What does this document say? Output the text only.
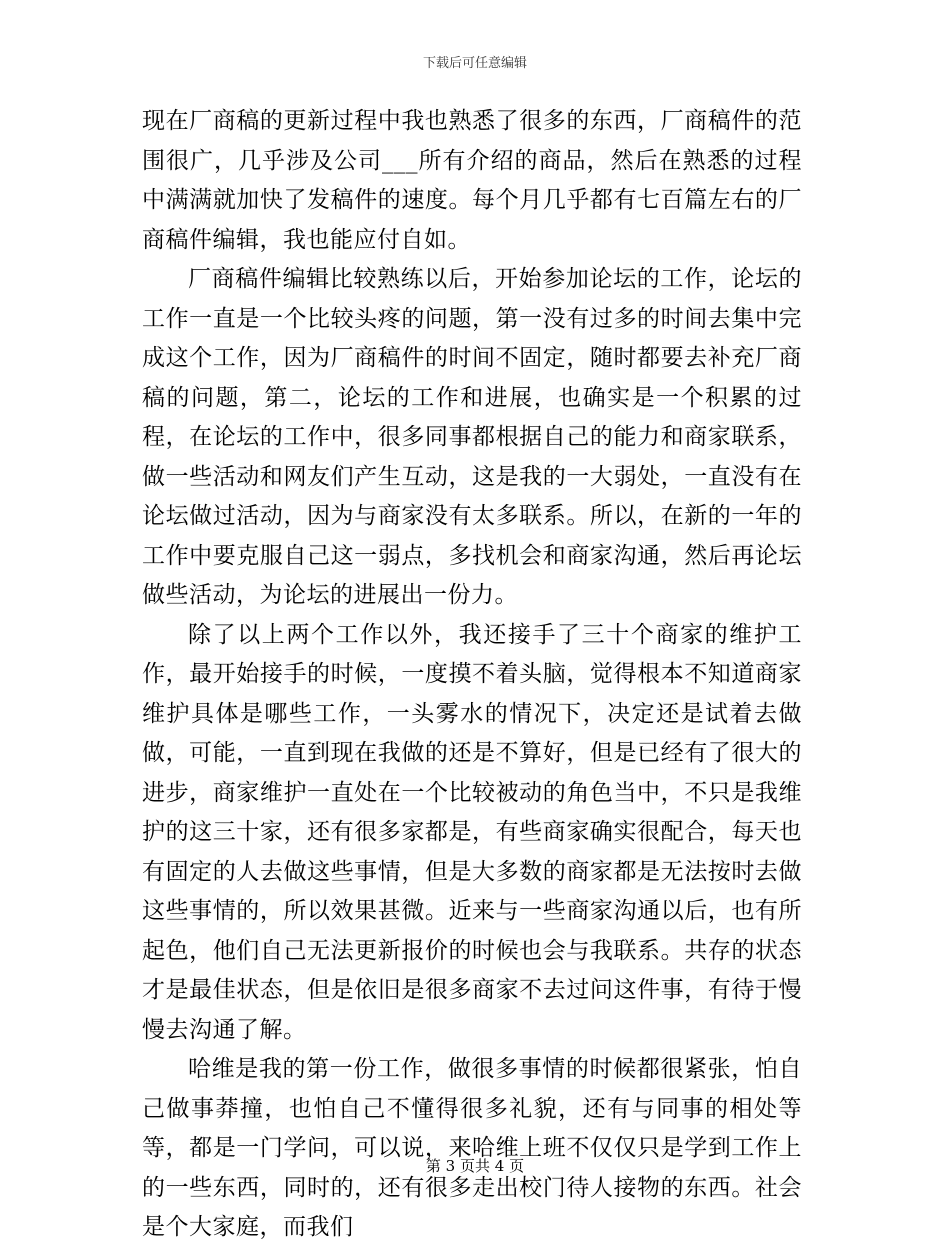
下载后可任意编辑

现在厂商稿的更新过程中我也熟悉了很多的东西，厂商稿件的范围很广，几乎涉及公司___所有介绍的商品，然后在熟悉的过程中满满就加快了发稿件的速度。每个月几乎都有七百篇左右的厂商稿件编辑，我也能应付自如。

厂商稿件编辑比较熟练以后，开始参加论坛的工作，论坛的工作一直是一个比较头疼的问题，第一没有过多的时间去集中完成这个工作，因为厂商稿件的时间不固定，随时都要去补充厂商稿的问题，第二，论坛的工作和进展，也确实是一个积累的过程，在论坛的工作中，很多同事都根据自己的能力和商家联系，做一些活动和网友们产生互动，这是我的一大弱处，一直没有在论坛做过活动，因为与商家没有太多联系。所以，在新的一年的工作中要克服自己这一弱点，多找机会和商家沟通，然后再论坛做些活动，为论坛的进展出一份力。

除了以上两个工作以外，我还接手了三十个商家的维护工作，最开始接手的时候，一度摸不着头脑，觉得根本不知道商家维护具体是哪些工作，一头雾水的情况下，决定还是试着去做做，可能，一直到现在我做的还是不算好，但是已经有了很大的进步，商家维护一直处在一个比较被动的角色当中，不只是我维护的这三十家，还有很多家都是，有些商家确实很配合，每天也有固定的人去做这些事情，但是大多数的商家都是无法按时去做这些事情的，所以效果甚微。近来与一些商家沟通以后，也有所起色，他们自己无法更新报价的时候也会与我联系。共存的状态才是最佳状态，但是依旧是很多商家不去过问这件事，有待于慢慢去沟通了解。

哈维是我的第一份工作，做很多事情的时候都很紧张，怕自己做事莽撞，也怕自己不懂得很多礼貌，还有与同事的相处等等，都是一门学问，可以说，来哈维上班不仅仅只是学到工作上的一些东西，同时的，还有很多走出校门待人接物的东西。社会是个大家庭，而我们

第 3 页共 4 页
